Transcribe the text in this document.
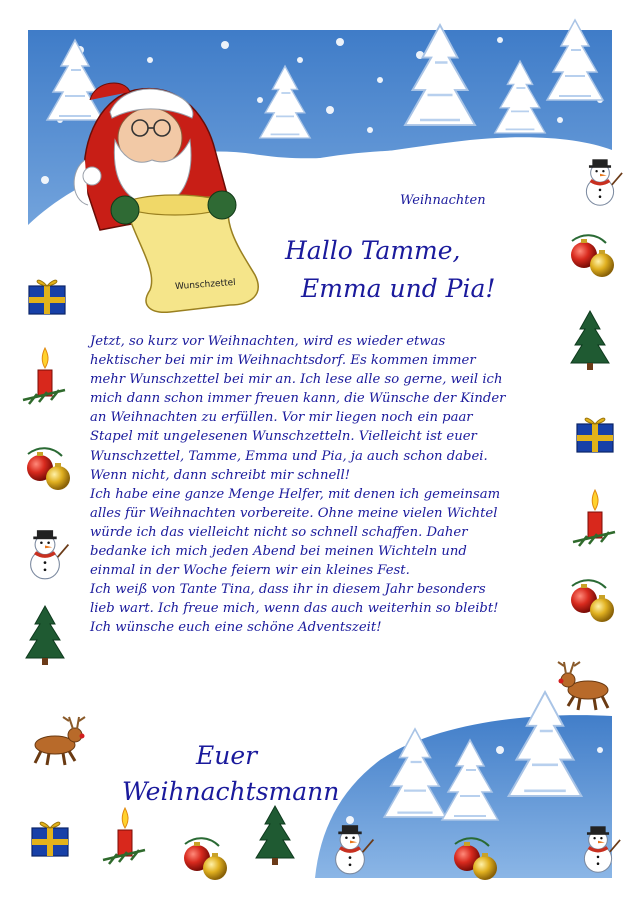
Wunschzettel
Weihnachten
Hallo Tamme,
Emma und Pia!
Jetzt, so kurz vor Weihnachten, wird es wieder etwas
hektischer bei mir im Weihnachtsdorf. Es kommen immer
mehr Wunschzettel bei mir an. Ich lese alle so gerne, weil ich
mich dann schon immer freuen kann, die Wünsche der Kinder
an Weihnachten zu erfüllen. Vor mir liegen noch ein paar
Stapel mit ungelesenen Wunschzetteln. Vielleicht ist euer
Wunschzettel, Tamme, Emma und Pia, ja auch schon dabei.
Wenn nicht, dann schreibt mir schnell!
Ich habe eine ganze Menge Helfer, mit denen ich gemeinsam
alles für Weihnachten vorbereite. Ohne meine vielen Wichtel
würde ich das vielleicht nicht so schnell schaffen. Daher
bedanke ich mich jeden Abend bei meinen Wichteln und
einmal in der Woche feiern wir ein kleines Fest.
Ich weiß von Tante Tina, dass ihr in diesem Jahr besonders
lieb wart. Ich freue mich, wenn das auch weiterhin so bleibt!
Ich wünsche euch eine schöne Adventszeit!
Euer
Weihnachtsmann
